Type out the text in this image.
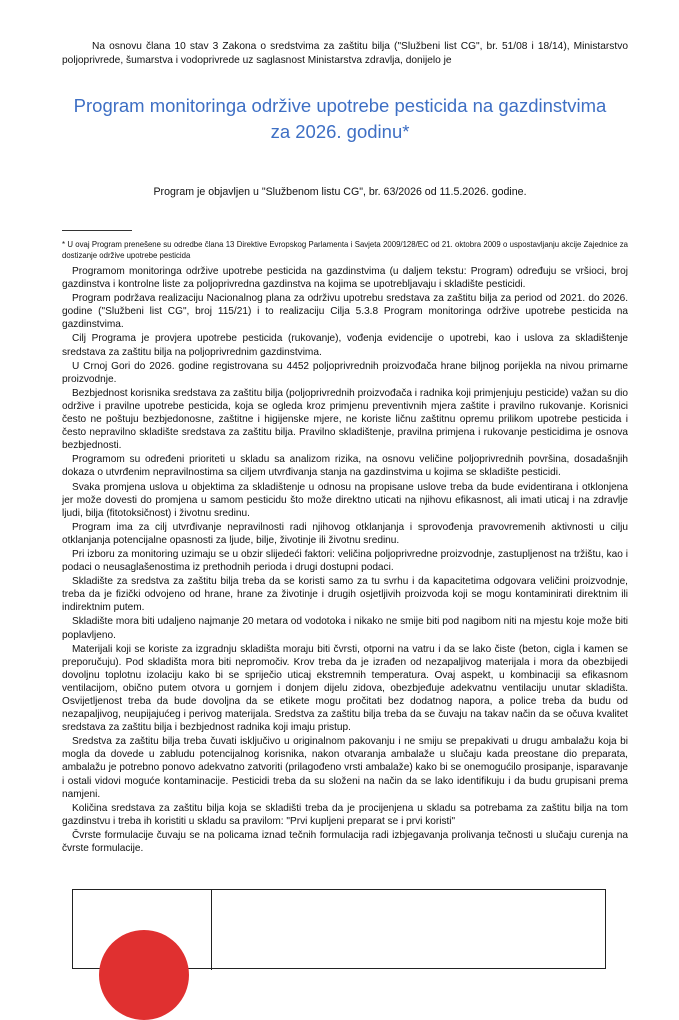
Na osnovu člana 10 stav 3 Zakona o sredstvima za zaštitu bilja ("Službeni list CG", br. 51/08 i 18/14), Ministarstvo poljoprivrede, šumarstva i vodoprivrede uz saglasnost Ministarstva zdravlja, donijelo je

Program monitoringa održive upotrebe pesticida na gazdinstvima
za 2026. godinu*
Program je objavljen u "Službenom listu CG", br. 63/2026 od 11.5.2026. godine.
* U ovaj Program prenešene su odredbe člana 13 Direktive Evropskog Parlamenta i Savjeta 2009/128/EC od 21. oktobra 2009 o uspostavljanju akcije Zajednice za dostizanje održive upotrebe pesticida

Programom monitoringa održive upotrebe pesticida na gazdinstvima (u daljem tekstu: Program) određuju se vršioci, broj gazdinstva i kontrolne liste za poljoprivredna gazdinstva na kojima se upotrebljavaju i skladište pesticidi.

Program podržava realizaciju Nacionalnog plana za održivu upotrebu sredstava za zaštitu bilja za period od 2021. do 2026. godine ("Službeni list CG", broj 115/21) i to realizaciju Cilja 5.3.8 Program monitoringa održive upotrebe pesticida na gazdinstvima.

Cilj Programa je provjera upotrebe pesticida (rukovanje), vođenja evidencije o upotrebi, kao i uslova za skladištenje sredstava za zaštitu bilja na poljoprivrednim gazdinstvima.

U Crnoj Gori do 2026. godine registrovana su 4452 poljoprivrednih proizvođača hrane biljnog porijekla na nivou primarne proizvodnje.

Bezbjednost korisnika sredstava za zaštitu bilja (poljoprivrednih proizvođača i radnika koji primjenjuju pesticide) važan su dio održive i pravilne upotrebe pesticida, koja se ogleda kroz primjenu preventivnih mjera zaštite i pravilno rukovanje. Korisnici često ne poštuju bezbjedonosne, zaštitne i higijenske mjere, ne koriste ličnu zaštitnu opremu prilikom upotrebe pesticida i često nepravilno skladište sredstava za zaštitu bilja. Pravilno skladištenje, pravilna primjena i rukovanje pesticidima je osnova bezbjednosti.

Programom su određeni prioriteti u skladu sa analizom rizika, na osnovu veličine poljoprivrednih površina, dosadašnjih dokaza o utvrđenim nepravilnostima sa ciljem utvrđivanja stanja na gazdinstvima u kojima se skladište pesticidi.

Svaka promjena uslova u objektima za skladištenje u odnosu na propisane uslove treba da bude evidentirana i otklonjena jer može dovesti do promjena u samom pesticidu što može direktno uticati na njihovu efikasnost, ali imati uticaj i na zdravlje ljudi, bilja (fitotoksičnost) i životnu sredinu.

Program ima za cilj utvrđivanje nepravilnosti radi njihovog otklanjanja i sprovođenja pravovremenih aktivnosti u cilju otklanjanja potencijalne opasnosti za ljude, bilje, životinje ili životnu sredinu.

Pri izboru za monitoring uzimaju se u obzir slijedeći faktori: veličina poljoprivredne proizvodnje, zastupljenost na tržištu, kao i podaci o neusaglašenostima iz prethodnih perioda i drugi dostupni podaci.

Skladište za sredstva za zaštitu bilja treba da se koristi samo za tu svrhu i da kapacitetima odgovara veličini proizvodnje, treba da je fizički odvojeno od hrane, hrane za životinje i drugih osjetljivih proizvoda koji se mogu kontaminirati direktnim ili indirektnim putem.

Skladište mora biti udaljeno najmanje 20 metara od vodotoka i nikako ne smije biti pod nagibom niti na mjestu koje može biti poplavljeno.

Materijali koji se koriste za izgradnju skladišta moraju biti čvrsti, otporni na vatru i da se lako čiste (beton, cigla i kamen se preporučuju). Pod skladišta mora biti nepromočiv. Krov treba da je izrađen od nezapaljivog materijala i mora da obezbijedi dovoljnu toplotnu izolaciju kako bi se spriječio uticaj ekstremnih temperatura. Ovaj aspekt, u kombinaciji sa efikasnom ventilacijom, obično putem otvora u gornjem i donjem dijelu zidova, obezbjeđuje adekvatnu ventilaciju unutar skladišta. Osvijetljenost treba da bude dovoljna da se etikete mogu pročitati bez dodatnog napora, a police treba da budu od nezapaljivog, neupijajućeg i perivog materijala. Sredstva za zaštitu bilja treba da se čuvaju na takav način da se očuva kvalitet sredstava za zaštitu bilja i bezbjednost radnika koji imaju pristup.

Sredstva za zaštitu bilja treba čuvati isključivo u originalnom pakovanju i ne smiju se prepakivati u drugu ambalažu koja bi mogla da dovede u zabludu potencijalnog korisnika, nakon otvaranja ambalaže u slučaju kada preostane dio preparata, ambalažu je potrebno ponovo adekvatno zatvoriti (prilagođeno vrsti ambalaže) kako bi se onemogućilo prosipanje, isparavanje i ostali vidovi moguće kontaminacije. Pesticidi treba da su složeni na način da se lako identifikuju i da budu grupisani prema namjeni.

Količina sredstava za zaštitu bilja koja se skladišti treba da je procijenjena u skladu sa potrebama za zaštitu bilja na tom gazdinstvu i treba ih koristiti u skladu sa pravilom: "Prvi kupljeni preparat se i prvi koristi"

Čvrste formulacije čuvaju se na policama iznad tečnih formulacija radi izbjegavanja prolivanja tečnosti u slučaju curenja na čvrste formulacije.
